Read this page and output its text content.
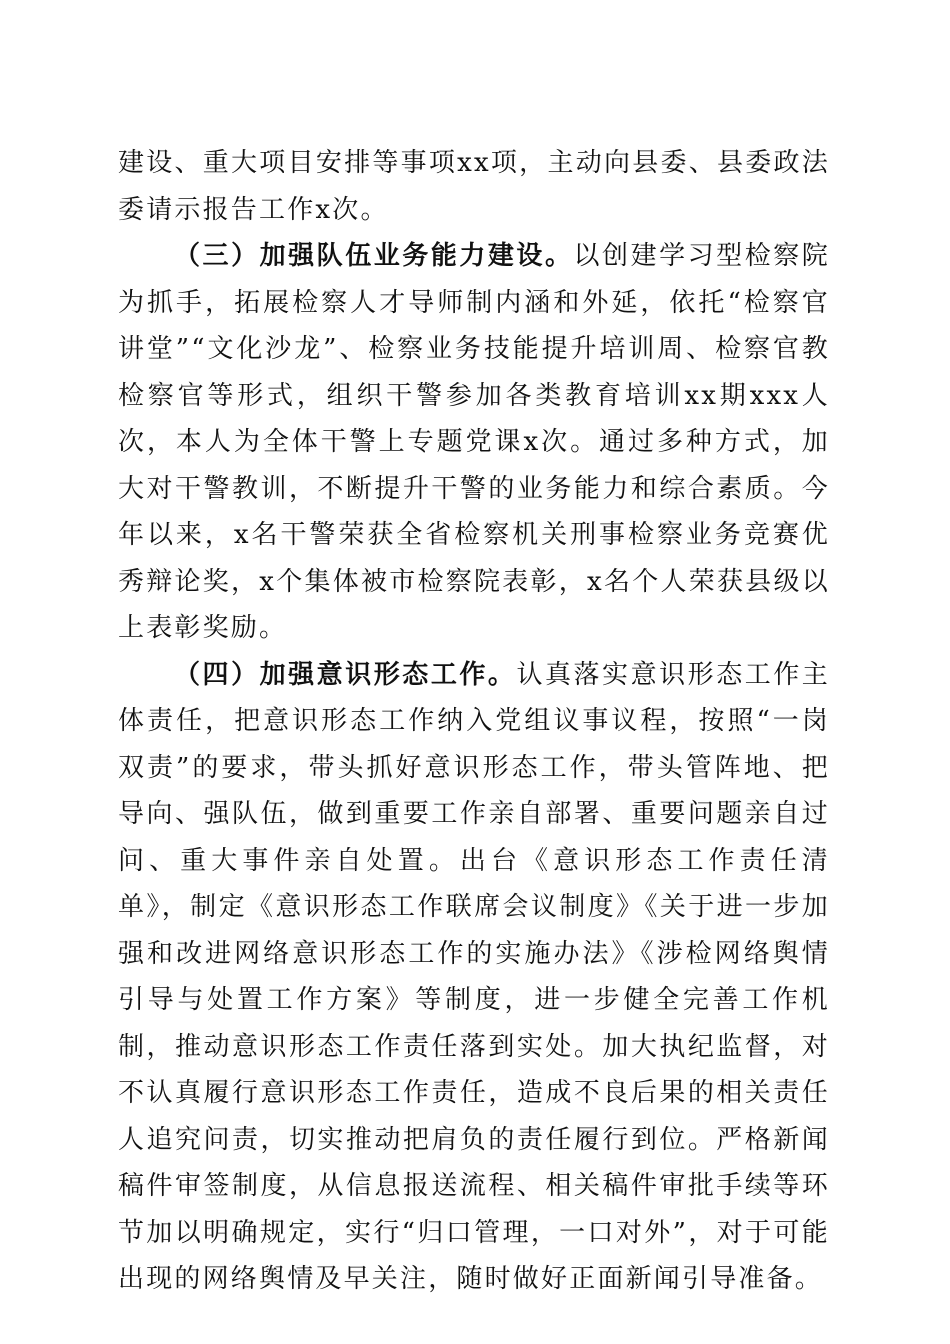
建设、重大项目安排等事项xx项，主动向县委、县委政法委请示报告工作x次。

（三）加强队伍业务能力建设。以创建学习型检察院为抓手，拓展检察人才导师制内涵和外延，依托“检察官讲堂”“文化沙龙”、检察业务技能提升培训周、检察官教检察官等形式，组织干警参加各类教育培训xx期xxx人次，本人为全体干警上专题党课x次。通过多种方式，加大对干警教训，不断提升干警的业务能力和综合素质。今年以来，x名干警荣获全省检察机关刑事检察业务竞赛优秀辩论奖，x个集体被市检察院表彰，x名个人荣获县级以上表彰奖励。

（四）加强意识形态工作。认真落实意识形态工作主体责任，把意识形态工作纳入党组议事议程，按照“一岗双责”的要求，带头抓好意识形态工作，带头管阵地、把导向、强队伍，做到重要工作亲自部署、重要问题亲自过问、重大事件亲自处置。出台《意识形态工作责任清单》，制定《意识形态工作联席会议制度》《关于进一步加强和改进网络意识形态工作的实施办法》《涉检网络舆情引导与处置工作方案》等制度，进一步健全完善工作机制，推动意识形态工作责任落到实处。加大执纪监督，对不认真履行意识形态工作责任，造成不良后果的相关责任人追究问责，切实推动把肩负的责任履行到位。严格新闻稿件审签制度，从信息报送流程、相关稿件审批手续等环节加以明确规定，实行“归口管理，一口对外”，对于可能出现的网络舆情及早关注，随时做好正面新闻引导准备。
